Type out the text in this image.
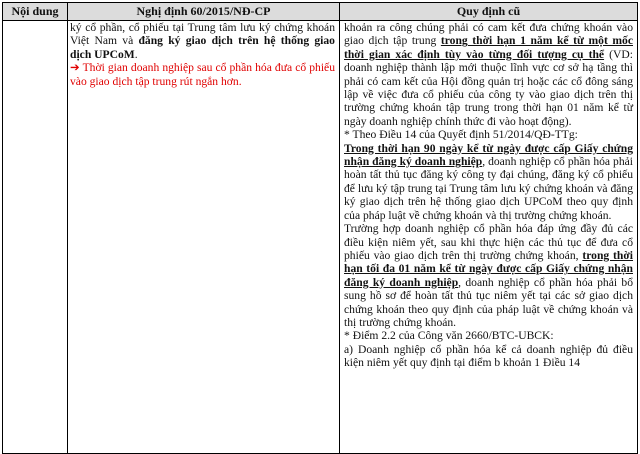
Nội dung	Nghị định 60/2015/NĐ-CP	Quy định cũ

ký cổ phần, cổ phiếu tại Trung tâm lưu ký chứng khoán Việt Nam và đăng ký giao dịch trên hệ thống giao dịch UPCoM.

➔ Thời gian doanh nghiệp sau cổ phần hóa đưa cổ phiếu vào giao dịch tập trung rút ngắn hơn.

khoản ra công chúng phải có cam kết đưa chứng khoán vào giao dịch tập trung trong thời hạn 1 năm kể từ một mốc thời gian xác định tùy vào từng đối tượng cụ thể (VD: doanh nghiệp thành lập mới thuộc lĩnh vực cơ sở hạ tầng thì phải có cam kết của Hội đồng quản trị hoặc các cổ đông sáng lập về việc đưa cổ phiếu của công ty vào giao dịch trên thị trường chứng khoán tập trung trong thời hạn 01 năm kể từ ngày doanh nghiệp chính thức đi vào hoạt động).

* Theo Điều 14 của Quyết định 51/2014/QĐ-TTg:

Trong thời hạn 90 ngày kể từ ngày được cấp Giấy chứng nhận đăng ký doanh nghiệp, doanh nghiệp cổ phần hóa phải hoàn tất thủ tục đăng ký công ty đại chúng, đăng ký cổ phiếu để lưu ký tập trung tại Trung tâm lưu ký chứng khoán và đăng ký giao dịch trên hệ thống giao dịch UPCoM theo quy định của pháp luật về chứng khoán và thị trường chứng khoán.

Trường hợp doanh nghiệp cổ phần hóa đáp ứng đầy đủ các điều kiện niêm yết, sau khi thực hiện các thủ tục để đưa cổ phiếu vào giao dịch trên thị trường chứng khoán, trong thời hạn tối đa 01 năm kể từ ngày được cấp Giấy chứng nhận đăng ký doanh nghiệp, doanh nghiệp cổ phần hóa phải bổ sung hồ sơ để hoàn tất thủ tục niêm yết tại các sở giao dịch chứng khoán theo quy định của pháp luật về chứng khoán và thị trường chứng khoán.

* Điểm 2.2 của Công văn 2660/BTC-UBCK:

a) Doanh nghiệp cổ phần hóa kể cả doanh nghiệp đủ điều kiện niêm yết quy định tại điểm b khoản 1 Điều 14
